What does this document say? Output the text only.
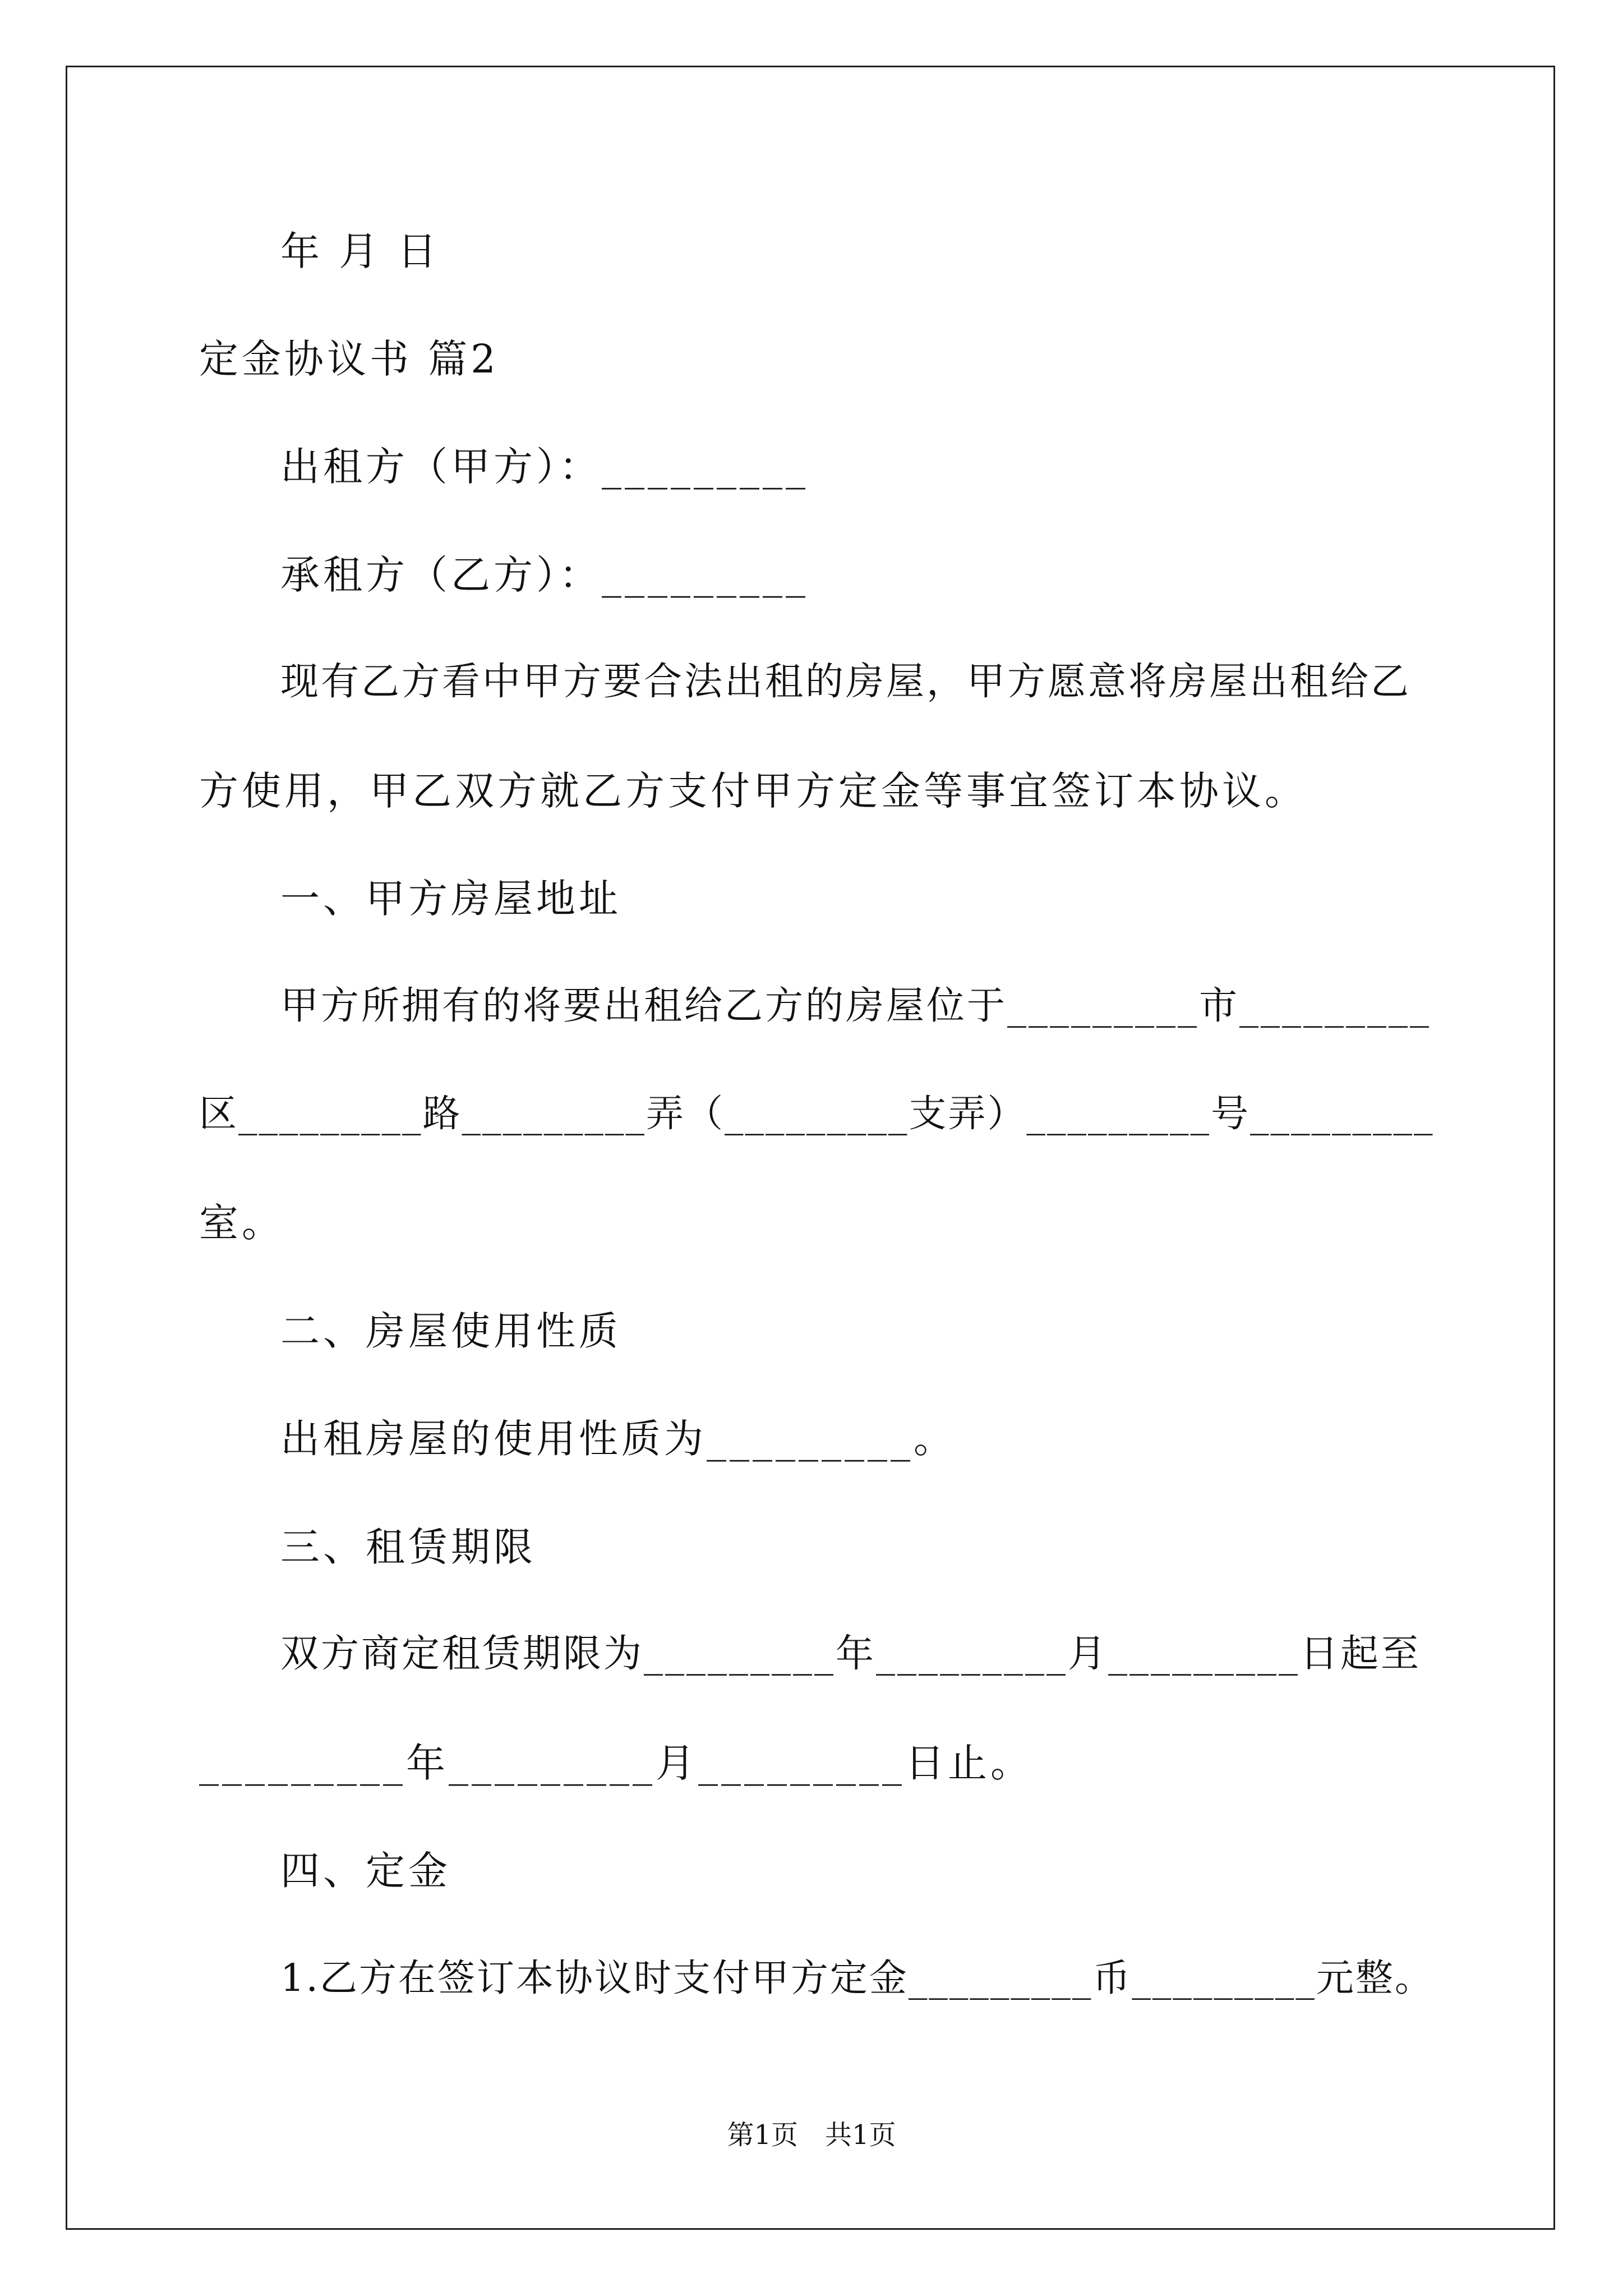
年 月 日
定金协议书 篇2
出租方（甲方）：_________
承租方（乙方）：_________
现有乙方看中甲方要合法出租的房屋，甲方愿意将房屋出租给乙
方使用，甲乙双方就乙方支付甲方定金等事宜签订本协议。
一、甲方房屋地址
甲方所拥有的将要出租给乙方的房屋位于_________市_________
区_________路_________弄（_________支弄）_________号_________
室。
二、房屋使用性质
出租房屋的使用性质为_________。
三、租赁期限
双方商定租赁期限为_________年_________月_________日起至
_________年_________月_________日止。
四、定金
1.乙方在签订本协议时支付甲方定金_________币_________元整。
第1页　共1页
